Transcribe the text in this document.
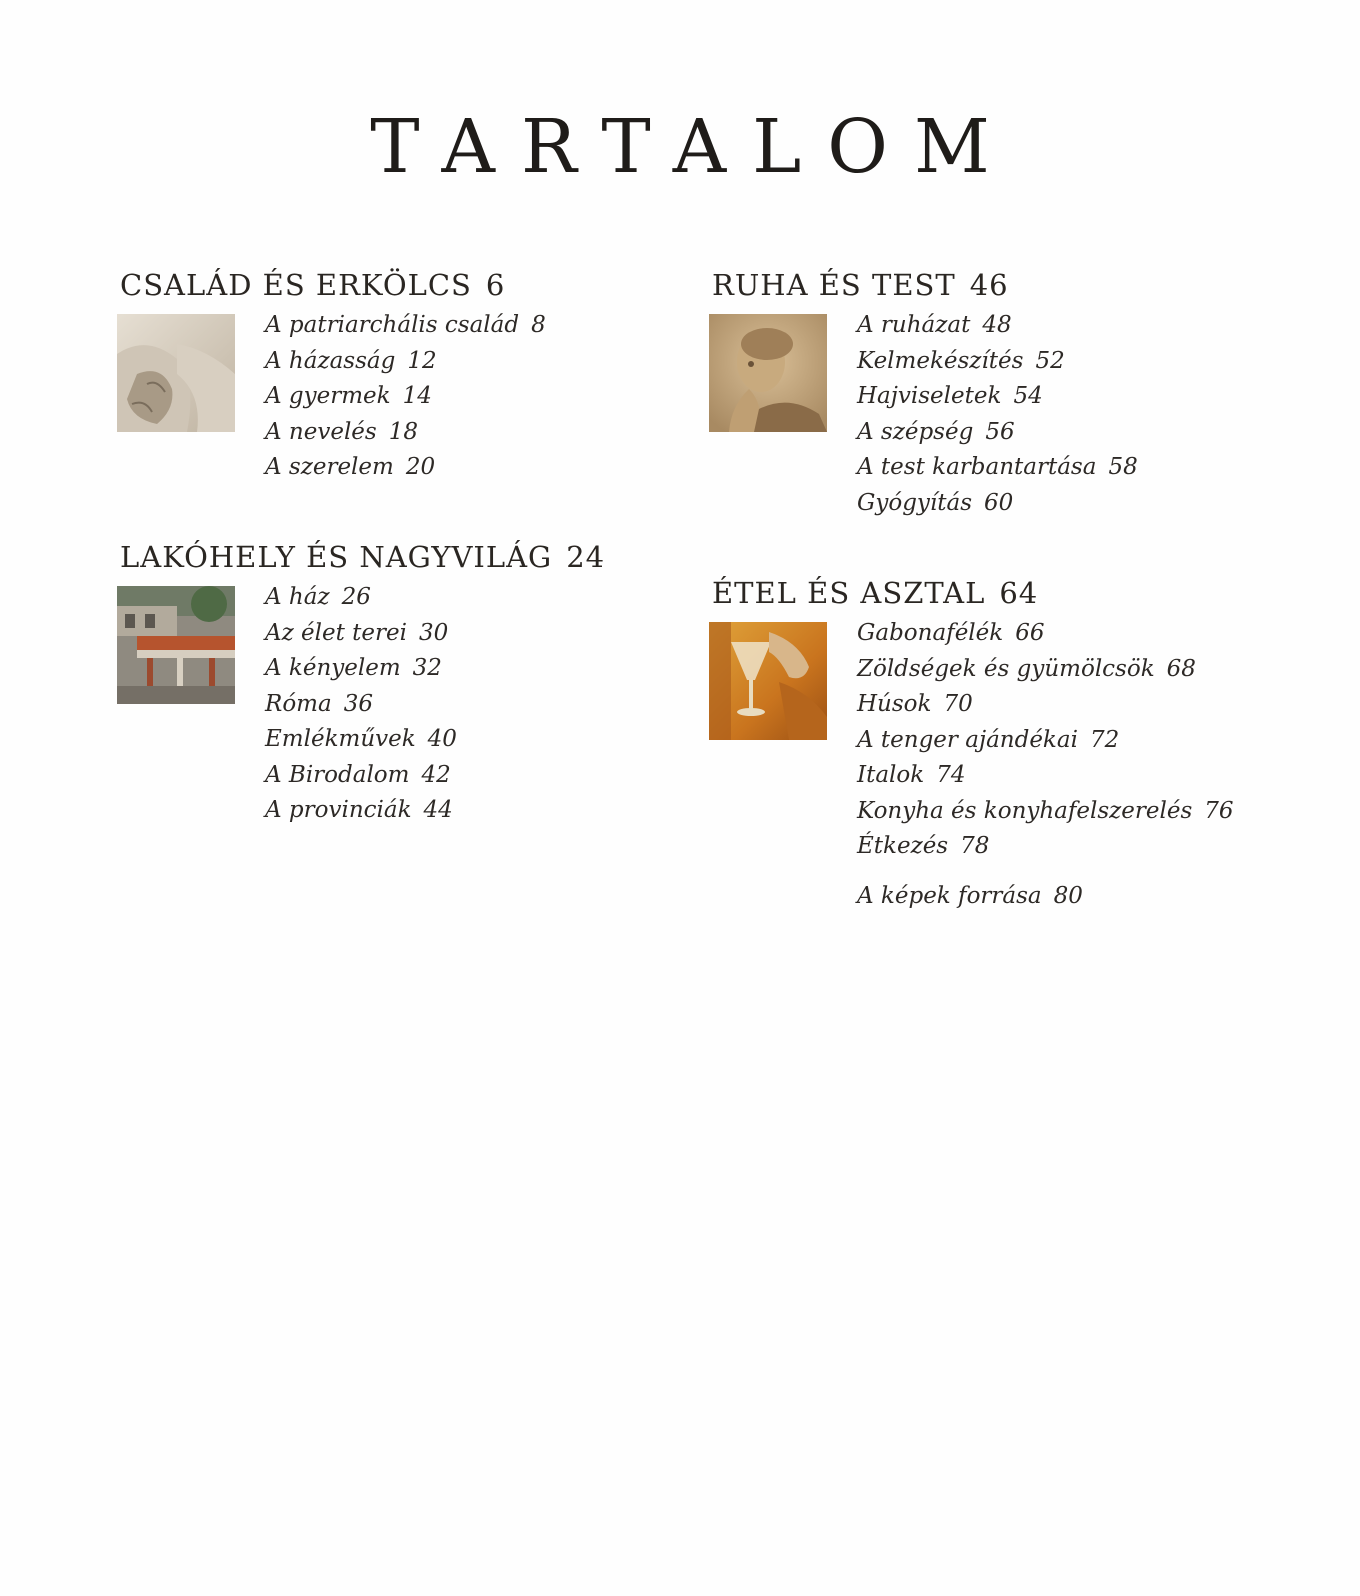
TARTALOM
CSALÁD ÉS ERKÖLCS 6
A patriarchális család 8
A házasság 12
A gyermek 14
A nevelés 18
A szerelem 20
LAKÓHELY ÉS NAGYVILÁG 24
A ház 26
Az élet terei 30
A kényelem 32
Róma 36
Emlékművek 40
A Birodalom 42
A provinciák 44
RUHA ÉS TEST 46
A ruházat 48
Kelmekészítés 52
Hajviseletek 54
A szépség 56
A test karbantartása 58
Gyógyítás 60
ÉTEL ÉS ASZTAL 64
Gabonafélék 66
Zöldségek és gyümölcsök 68
Húsok 70
A tenger ajándékai 72
Italok 74
Konyha és konyhafelszerelés 76
Étkezés 78
A képek forrása 80
